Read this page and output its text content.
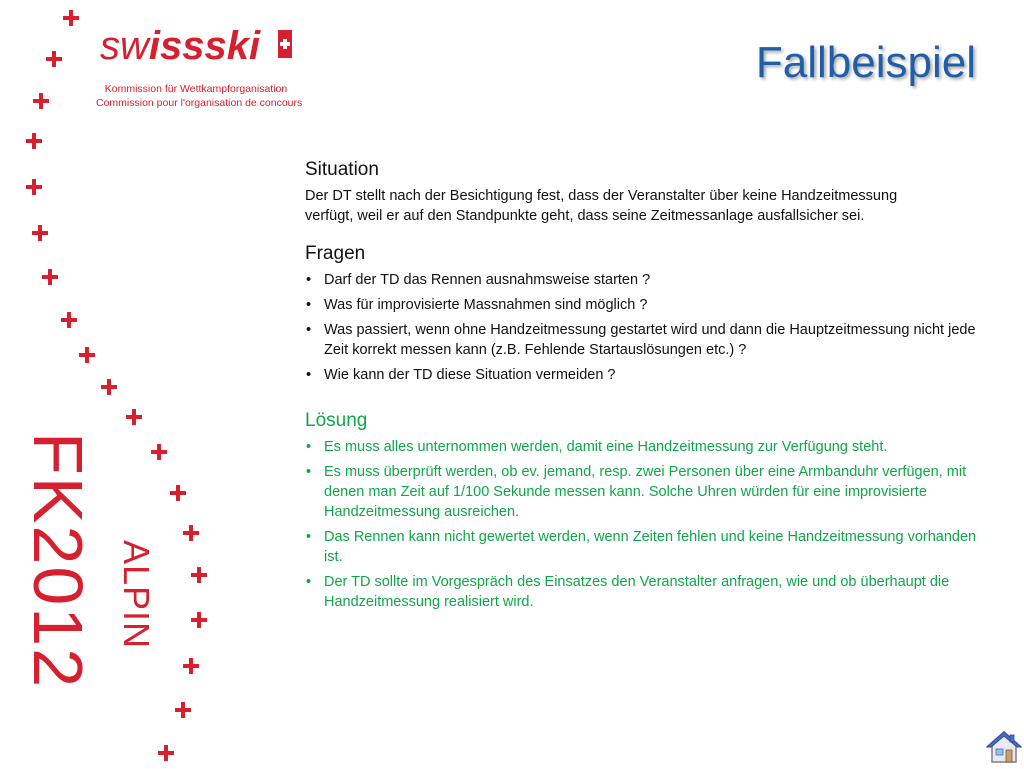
swissski
Kommission für Wettkampforganisation
Commission pour l'organisation de concours
Fallbeispiel
FK2012 ALPIN
Situation
Der DT stellt nach der Besichtigung fest, dass der Veranstalter über keine Handzeitmessung
verfügt, weil er auf den Standpunkte geht, dass seine Zeitmessanlage ausfallsicher sei.
Fragen
• Darf der TD das Rennen ausnahmsweise starten ?
• Was für improvisierte Massnahmen sind möglich ?
• Was passiert, wenn ohne Handzeitmessung gestartet wird und dann die Hauptzeitmessung nicht jede Zeit korrekt messen kann (z.B. Fehlende Startauslösungen etc.) ?
• Wie kann der TD diese Situation vermeiden ?
Lösung
• Es muss alles unternommen werden, damit eine Handzeitmessung zur Verfügung steht.
• Es muss überprüft werden, ob ev. jemand, resp. zwei Personen über eine Armbanduhr verfügen, mit denen man Zeit auf 1/100 Sekunde messen kann. Solche Uhren würden für eine improvisierte Handzeitmessung ausreichen.
• Das Rennen kann nicht gewertet werden, wenn Zeiten fehlen und keine Handzeitmessung vorhanden ist.
• Der TD sollte im Vorgespräch des Einsatzes den Veranstalter anfragen, wie und ob überhaupt die Handzeitmessung realisiert wird.
